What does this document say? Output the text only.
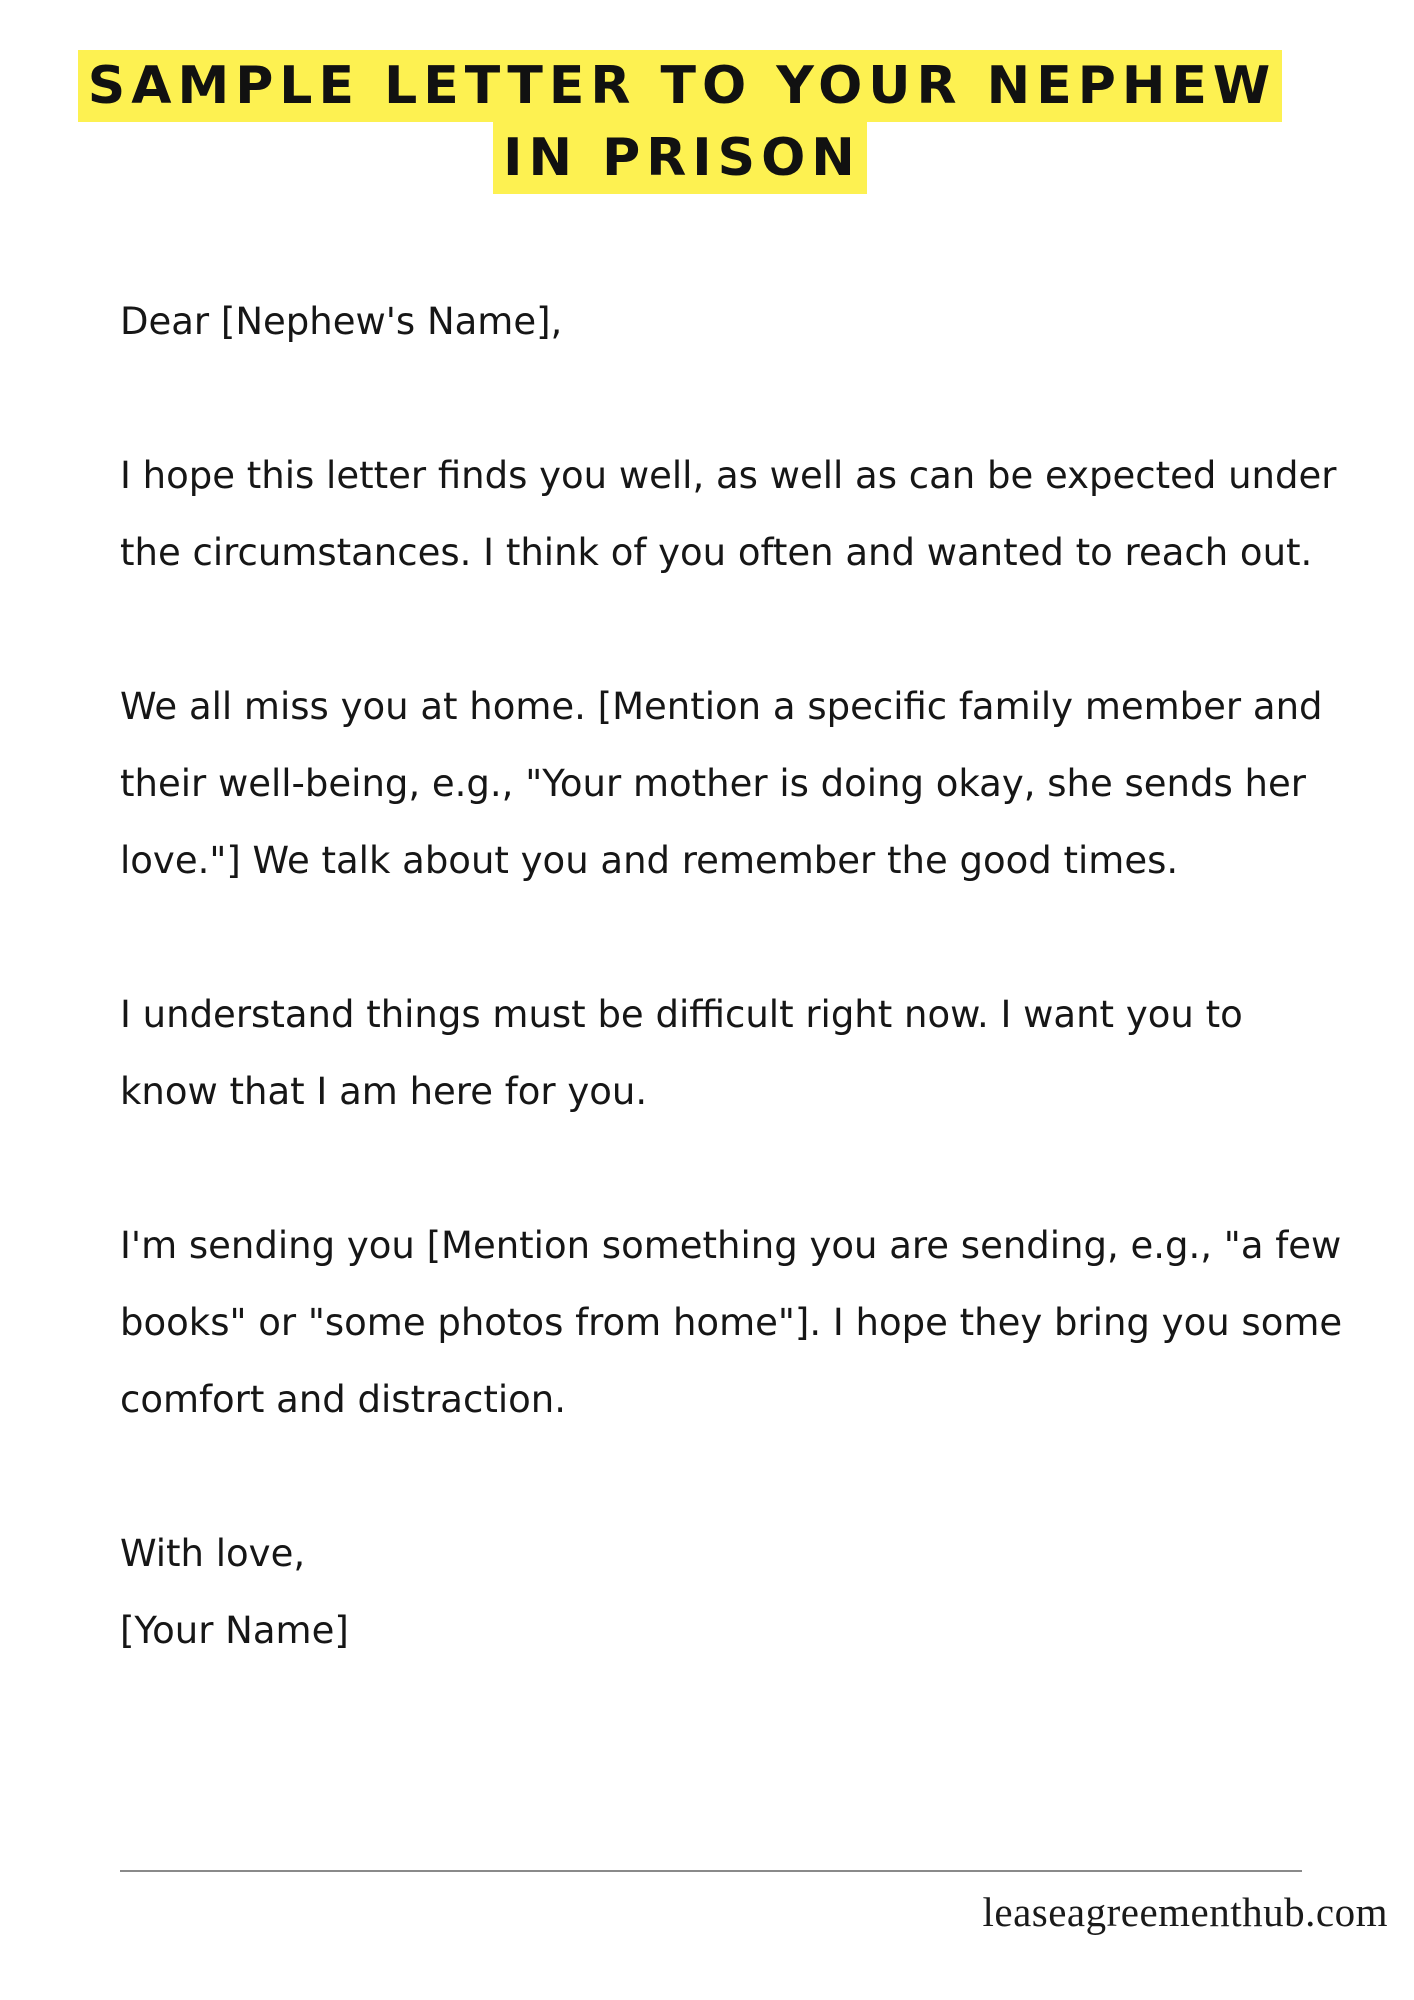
SAMPLE LETTER TO YOUR NEPHEW
IN PRISON

Dear [Nephew's Name],

I hope this letter finds you well, as well as can be expected under the circumstances. I think of you often and wanted to reach out.

We all miss you at home. [Mention a specific family member and their well-being, e.g., "Your mother is doing okay, she sends her love."] We talk about you and remember the good times.

I understand things must be difficult right now. I want you to know that I am here for you.

I'm sending you [Mention something you are sending, e.g., "a few books" or "some photos from home"]. I hope they bring you some comfort and distraction.

With love,
[Your Name]

leaseagreementhub.com
